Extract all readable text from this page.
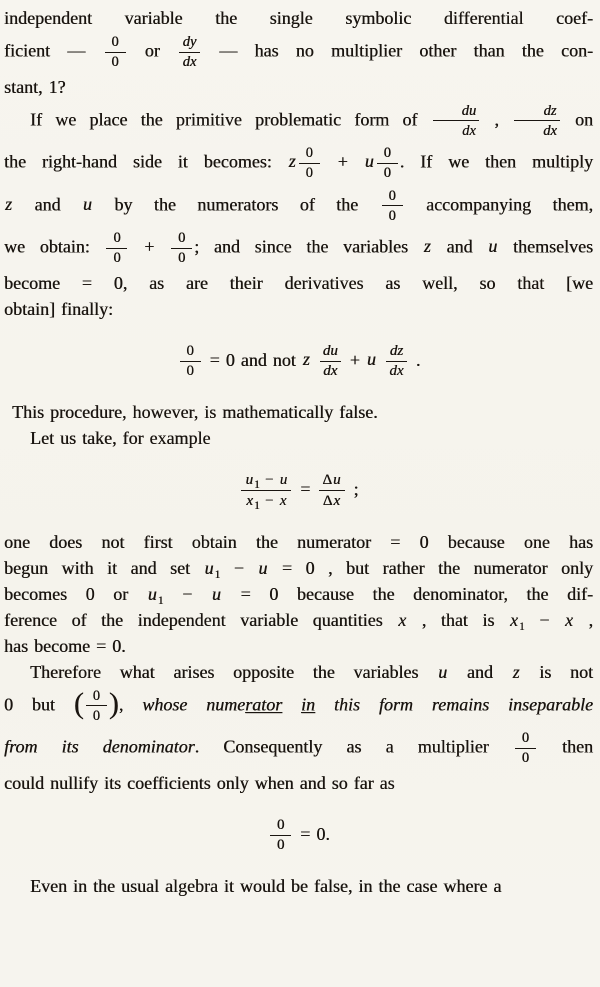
independent variable the single symbolic differential coef-
ficient — $\frac{0}{0}$ or $\frac{dy}{dx}$ — has no multiplier other than the con-
stant, 1?
If we place the primitive problematic form of $\frac{du}{dx}$ , $\frac{dz}{dx}$ on
the right-hand side it becomes: z $\frac{0}{0} + u \frac{0}{0}$ . If we then multiply
z and u by the numerators of the $\frac{0}{0}$ accompanying them,
we obtain: $\frac{0}{0} + \frac{0}{0}$ ; and since the variables z and u themselves
become = 0, as are their derivatives as well, so that [we
obtain] finally:
$\frac{0}{0} = 0$ and not z $\frac{du}{dx} + u \frac{dz}{dx}$ .
This procedure, however, is mathematically false.
Let us take, for example
$\frac{u_1 - u}{x_1 - x} = \frac{\Delta u}{\Delta x}$ ;
one does not first obtain the numerator = 0 because one has
begun with it and set $u_1 - u = 0$ , but rather the numerator only
becomes 0 or $u_1 - u = 0$ because the denominator, the dif-
ference of the independent variable quantities x , that is $x_1 - x$ ,
has become = 0.
Therefore what arises opposite the variables u and z is not
0 but ( $\frac{0}{0}$ ), whose numerator in this form remains inseparable
from its denominator. Consequently as a multiplier $\frac{0}{0}$ then
could nullify its coefficients only when and so far as
$\frac{0}{0} = 0$.
Even in the usual algebra it would be false, in the case where a
